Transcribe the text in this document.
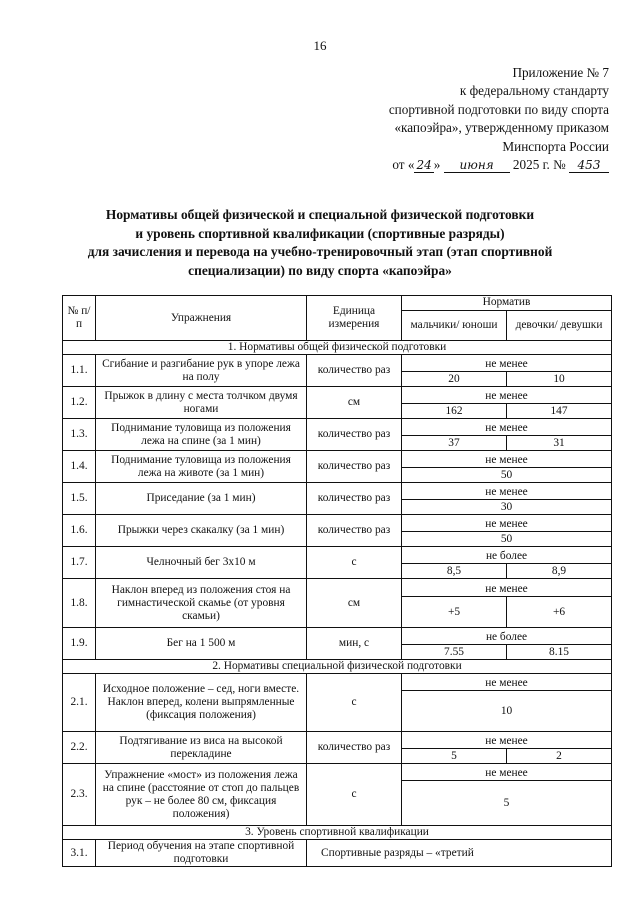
16
Приложение № 7
к федеральному стандарту
спортивной подготовки по виду спорта
«капоэйра», утвержденному приказом
Минспорта России
от « 24 » июня 2025 г. № 453
Нормативы общей физической и специальной физической подготовки
и уровень спортивной квалификации (спортивные разряды)
для зачисления и перевода на учебно-тренировочный этап (этап спортивной
специализации) по виду спорта «капоэйра»
№ п/п	Упражнения	Единица измерения	Норматив	
			мальчики/ юноши	девочки/ девушки
1. Нормативы общей физической подготовки				
1.1.	Сгибание и разгибание рук в упоре лежа на полу	количество раз	не менее	
			20	10
1.2.	Прыжок в длину с места толчком двумя ногами	см	не менее	
			162	147
1.3.	Поднимание туловища из положения лежа на спине (за 1 мин)	количество раз	не менее	
			37	31
1.4.	Поднимание туловища из положения лежа на животе (за 1 мин)	количество раз	не менее	
			50	
1.5.	Приседание (за 1 мин)	количество раз	не менее	
			30	
1.6.	Прыжки через скакалку (за 1 мин)	количество раз	не менее	
			50	
1.7.	Челночный бег 3х10 м	с	не более	
			8,5	8,9
1.8.	Наклон вперед из положения стоя на гимнастической скамье (от уровня скамьи)	см	не менее	
			+5	+6
1.9.	Бег на 1 500 м	мин, с	не более	
			7.55	8.15
2. Нормативы специальной физической подготовки				
2.1.	Исходное положение – сед, ноги вместе. Наклон вперед, колени выпрямленные (фиксация положения)	с	не менее	
			10	
2.2.	Подтягивание из виса на высокой перекладине	количество раз	не менее	
			5	2
2.3.	Упражнение «мост» из положения лежа на спине (расстояние от стоп до пальцев рук – не более 80 см, фиксация положения)	с	не менее	
			5	
3. Уровень спортивной квалификации				
3.1.	Период обучения на этапе спортивной подготовки	Спортивные разряды – «третий		
